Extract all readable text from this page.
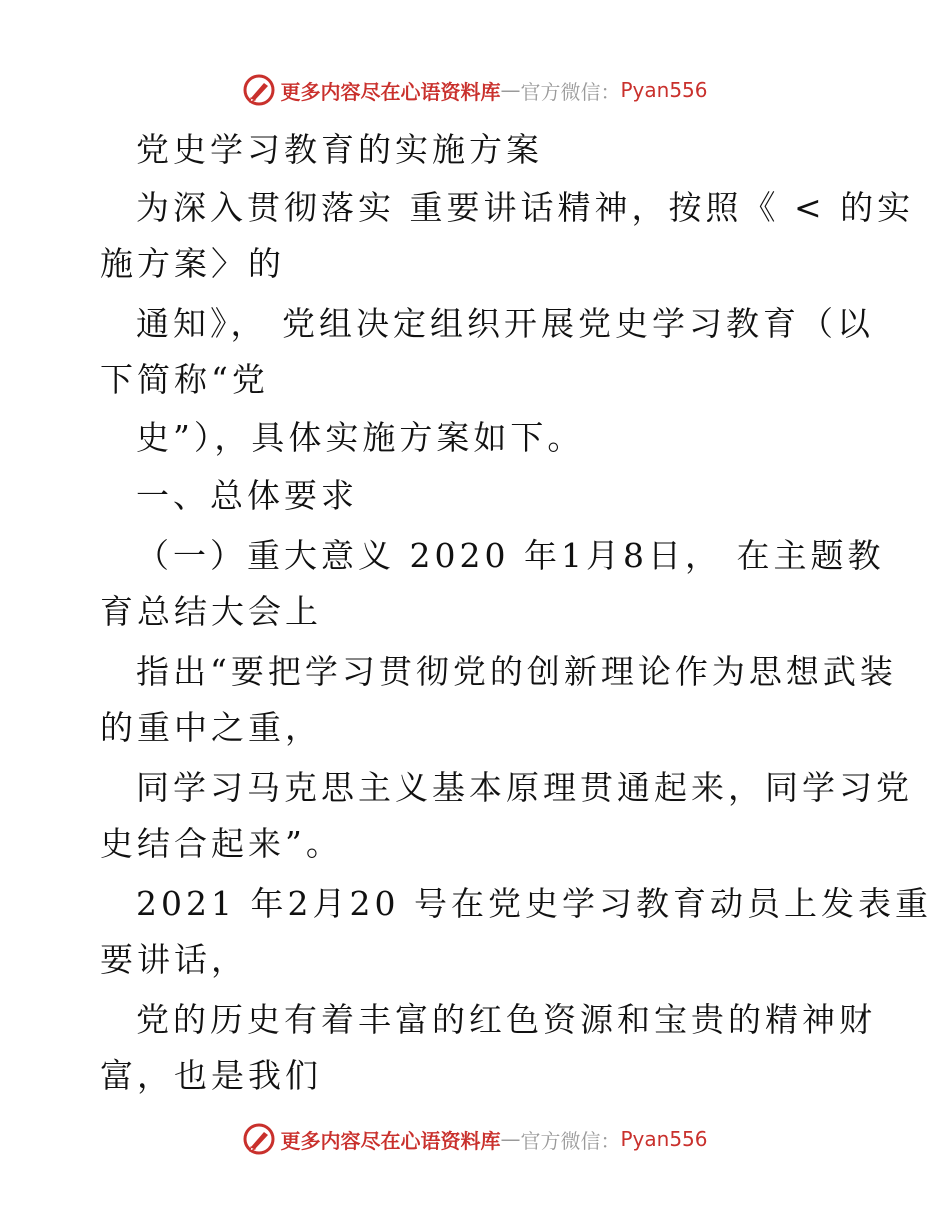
更多内容尽在心语资料库 — 官方微信： Pyan556
党史学习教育的实施方案
为深入贯彻落实 重要讲话精神，按照《 < 的实
施方案〉的
通知》， 党组决定组织开展党史学习教育（以
下简称“党
史”），具体实施方案如下。
一、总体要求
（一）重大意义 2020 年1月8日， 在主题教
育总结大会上
指出“要把学习贯彻党的创新理论作为思想武装
的重中之重，
同学习马克思主义基本原理贯通起来，同学习党
史结合起来”。
2021 年2月20 号在党史学习教育动员上发表重
要讲话，
党的历史有着丰富的红色资源和宝贵的精神财
富，也是我们
更多内容尽在心语资料库 — 官方微信： Pyan556
